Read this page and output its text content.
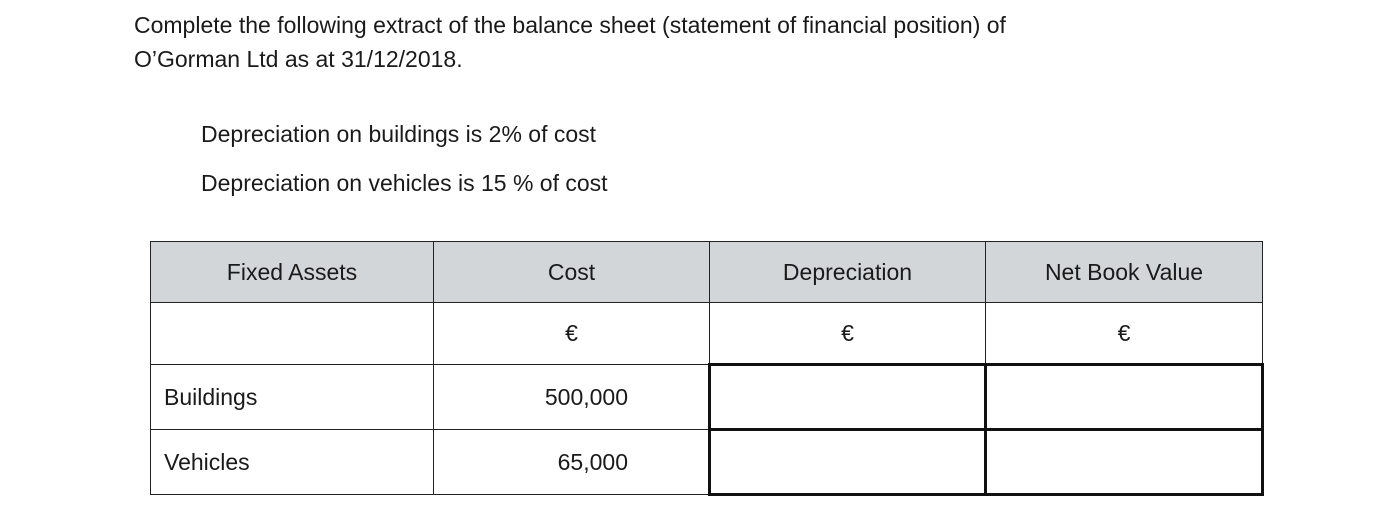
Complete the following extract of the balance sheet (statement of financial position) of
O’Gorman Ltd as at 31/12/2018.
Depreciation on buildings is 2% of cost
Depreciation on vehicles is 15 % of cost
Fixed Assets	Cost	Depreciation	Net Book Value
	€	€	€
Buildings	500,000		
Vehicles	65,000		
